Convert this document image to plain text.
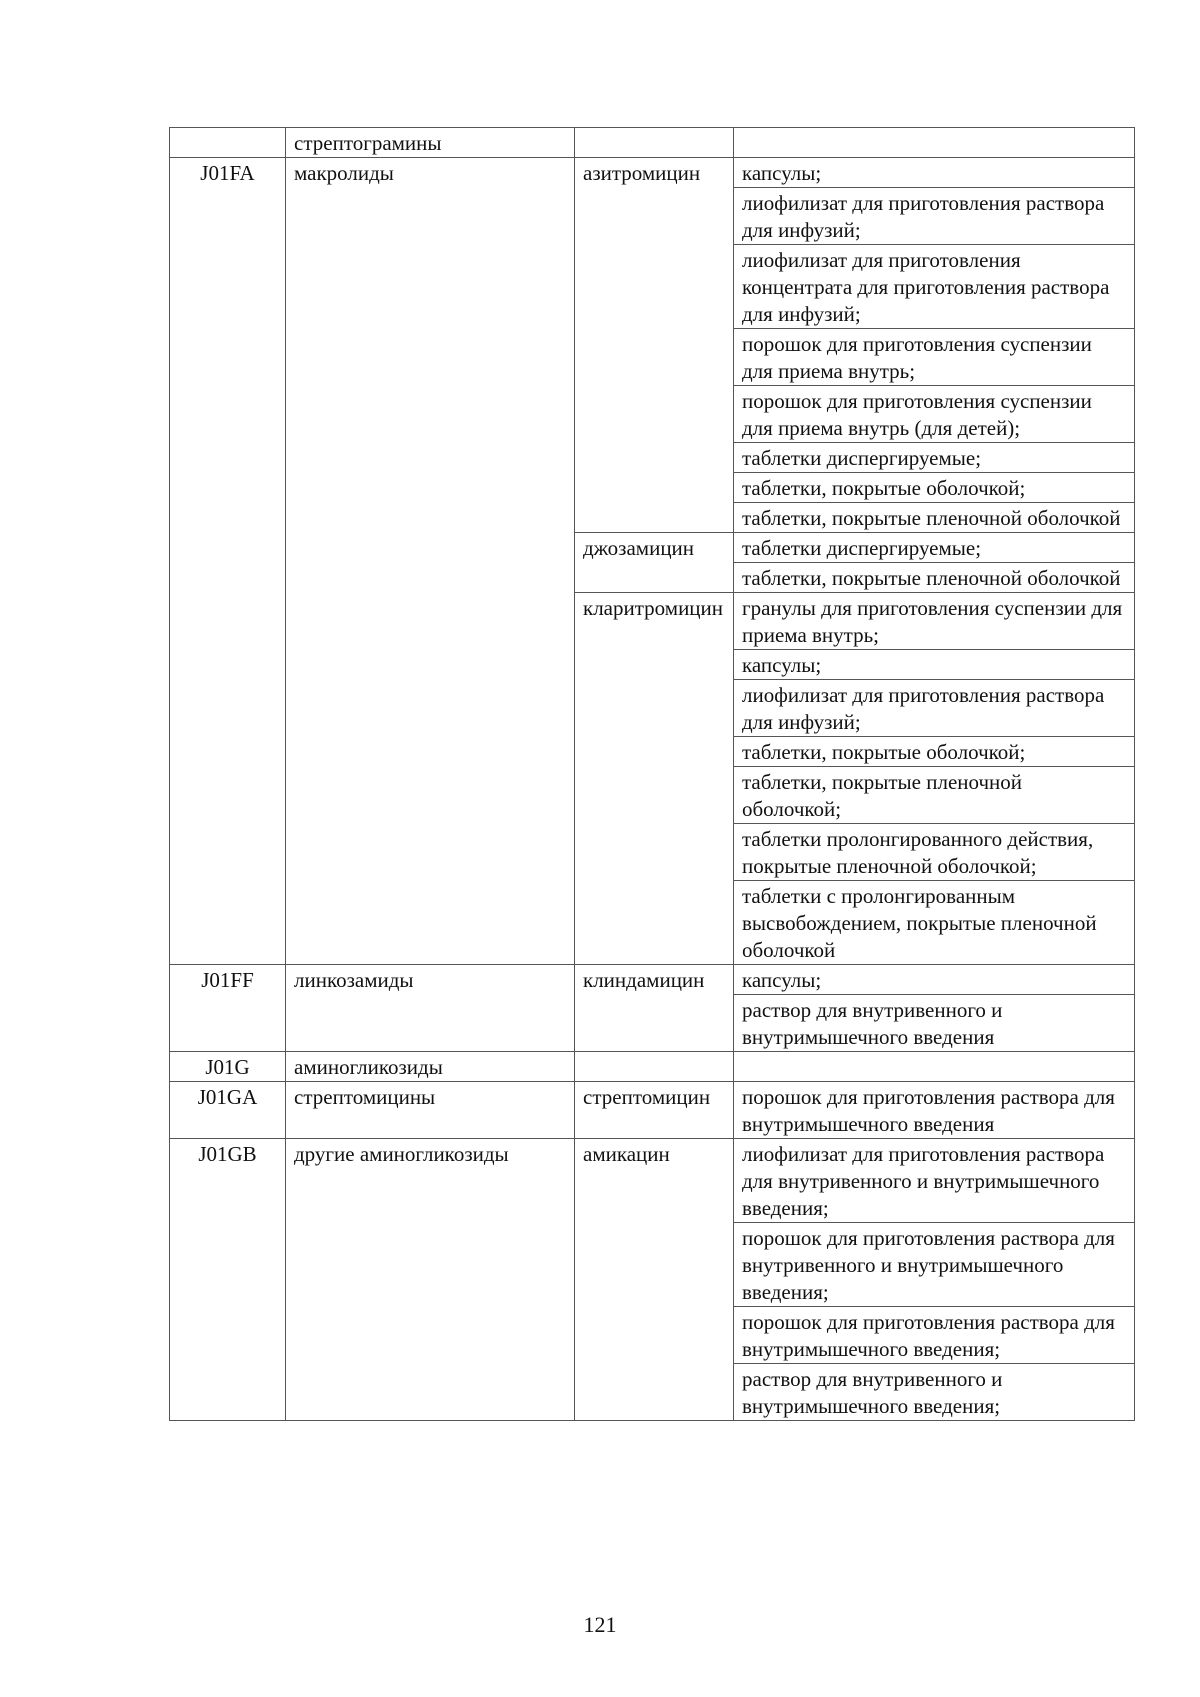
	стрептограмины		
J01FA	макролиды	азитромицин	капсулы;
			лиофилизат для приготовления раствора для инфузий;
			лиофилизат для приготовления концентрата для приготовления раствора для инфузий;
			порошок для приготовления суспензии для приема внутрь;
			порошок для приготовления суспензии для приема внутрь (для детей);
			таблетки диспергируемые;
			таблетки, покрытые оболочкой;
			таблетки, покрытые пленочной оболочкой
		джозамицин	таблетки диспергируемые;
			таблетки, покрытые пленочной оболочкой
		кларитромицин	гранулы для приготовления суспензии для приема внутрь;
			капсулы;
			лиофилизат для приготовления раствора для инфузий;
			таблетки, покрытые оболочкой;
			таблетки, покрытые пленочной оболочкой;
			таблетки пролонгированного действия, покрытые пленочной оболочкой;
			таблетки с пролонгированным высвобождением, покрытые пленочной оболочкой
J01FF	линкозамиды	клиндамицин	капсулы;
			раствор для внутривенного и внутримышечного введения
J01G	аминогликозиды		
J01GA	стрептомицины	стрептомицин	порошок для приготовления раствора для внутримышечного введения
J01GB	другие аминогликозиды	амикацин	лиофилизат для приготовления раствора для внутривенного и внутримышечного введения;
			порошок для приготовления раствора для внутривенного и внутримышечного введения;
			порошок для приготовления раствора для внутримышечного введения;
			раствор для внутривенного и внутримышечного введения;
121
